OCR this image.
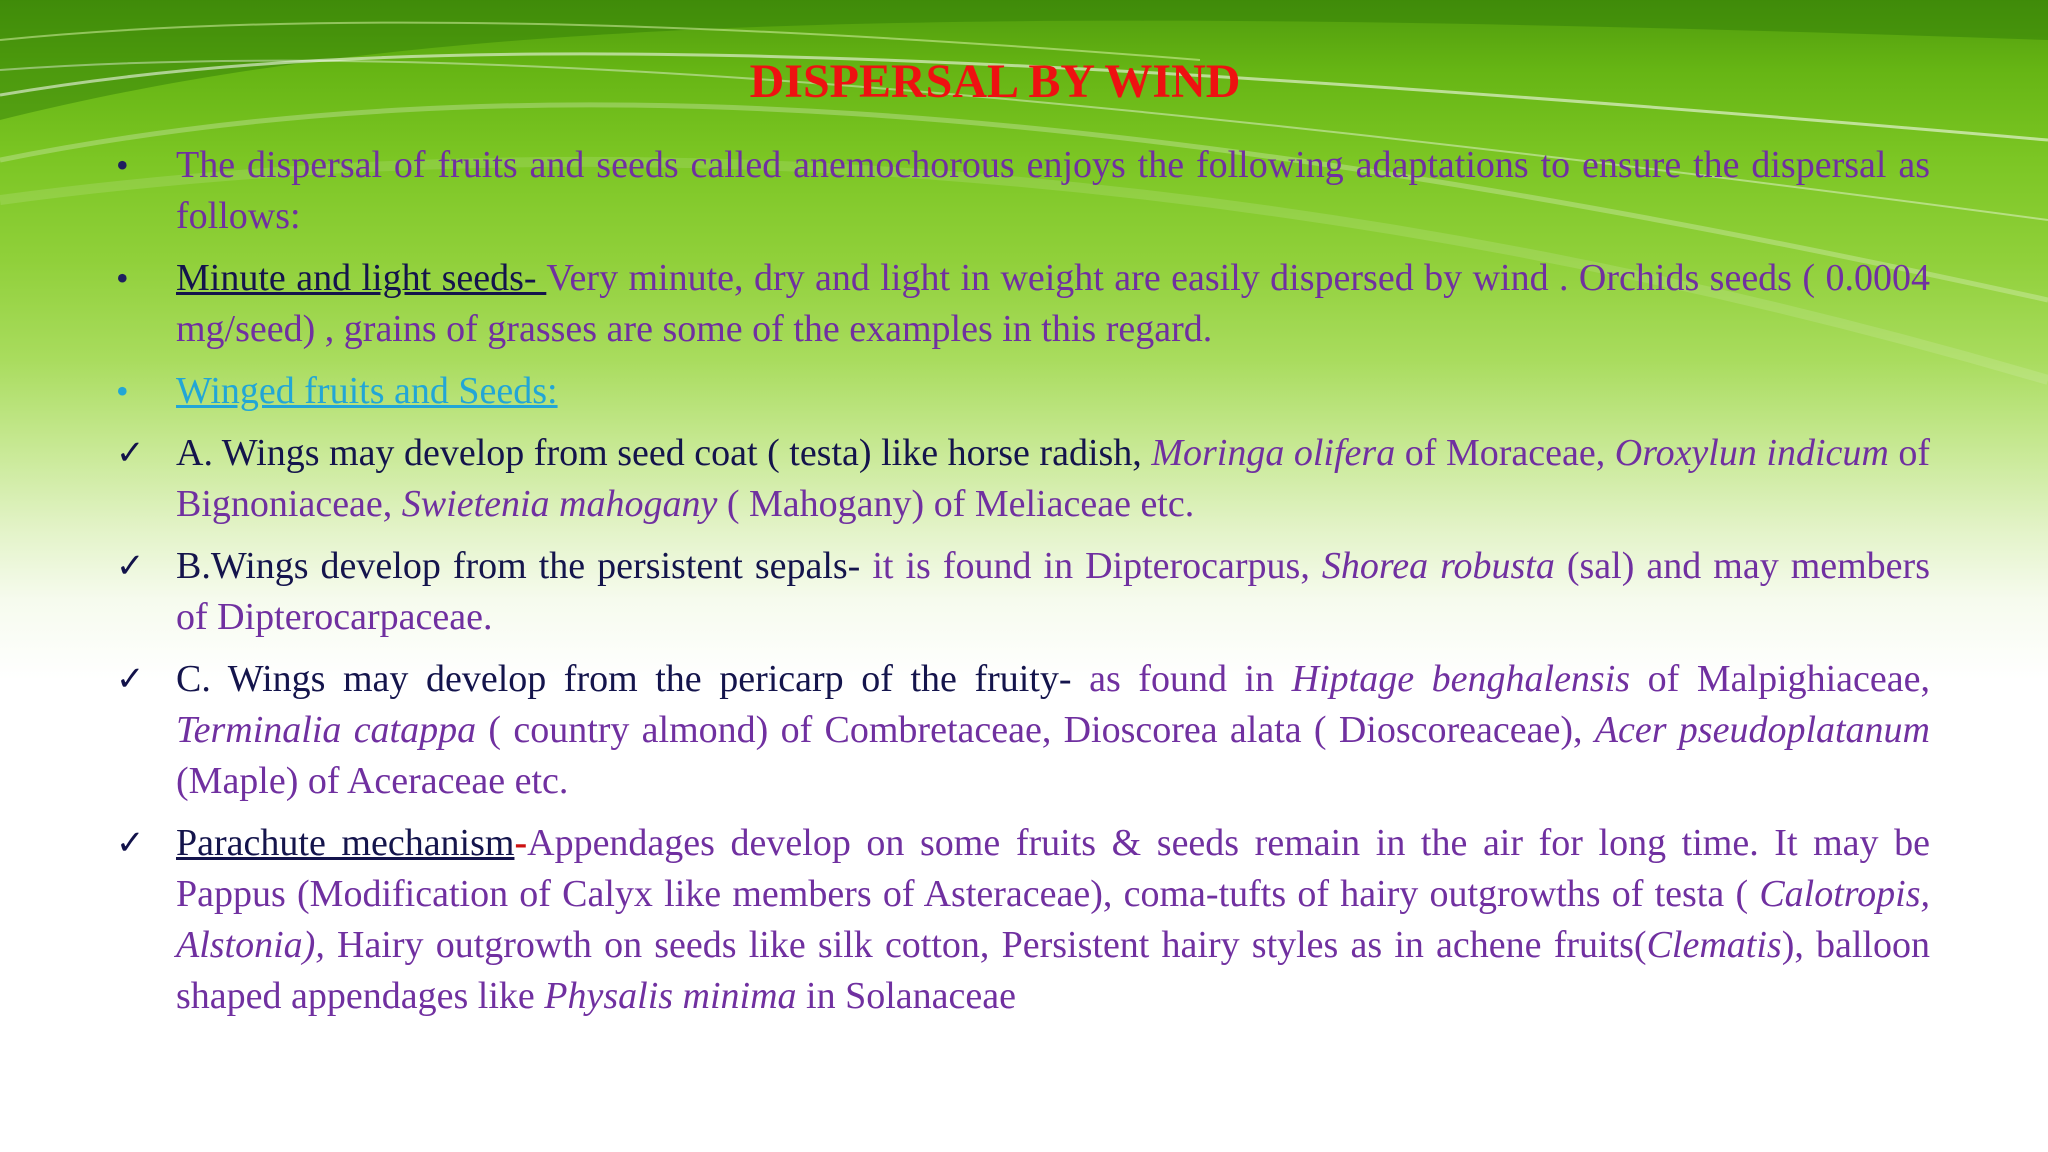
DISPERSAL BY WIND
•	The dispersal of fruits and seeds called anemochorous enjoys the following adaptations to ensure the dispersal as follows:
•	Minute and light seeds- Very minute, dry and light in weight are easily dispersed by wind . Orchids seeds ( 0.0004 mg/seed) , grains of grasses are some of the examples in this regard.
•	Winged fruits and Seeds:
✓ A. Wings may develop from seed coat ( testa) like horse radish, Moringa olifera of Moraceae, Oroxylun indicum of Bignoniaceae, Swietenia mahogany ( Mahogany) of Meliaceae etc.
✓ B.Wings develop from the persistent sepals- it is found in Dipterocarpus, Shorea robusta (sal) and may members of Dipterocarpaceae.
✓ C. Wings may develop from the pericarp of the fruity- as found in Hiptage benghalensis of Malpighiaceae, Terminalia catappa ( country almond) of Combretaceae, Dioscorea alata ( Dioscoreaceae), Acer pseudoplatanum (Maple) of Aceraceae etc.
✓ Parachute mechanism-Appendages develop on some fruits & seeds remain in the air for long time. It may be Pappus (Modification of Calyx like members of Asteraceae), coma-tufts of hairy outgrowths of testa ( Calotropis, Alstonia), Hairy outgrowth on seeds like silk cotton, Persistent hairy styles as in achene fruits(Clematis), balloon shaped appendages like Physalis minima in Solanaceae
